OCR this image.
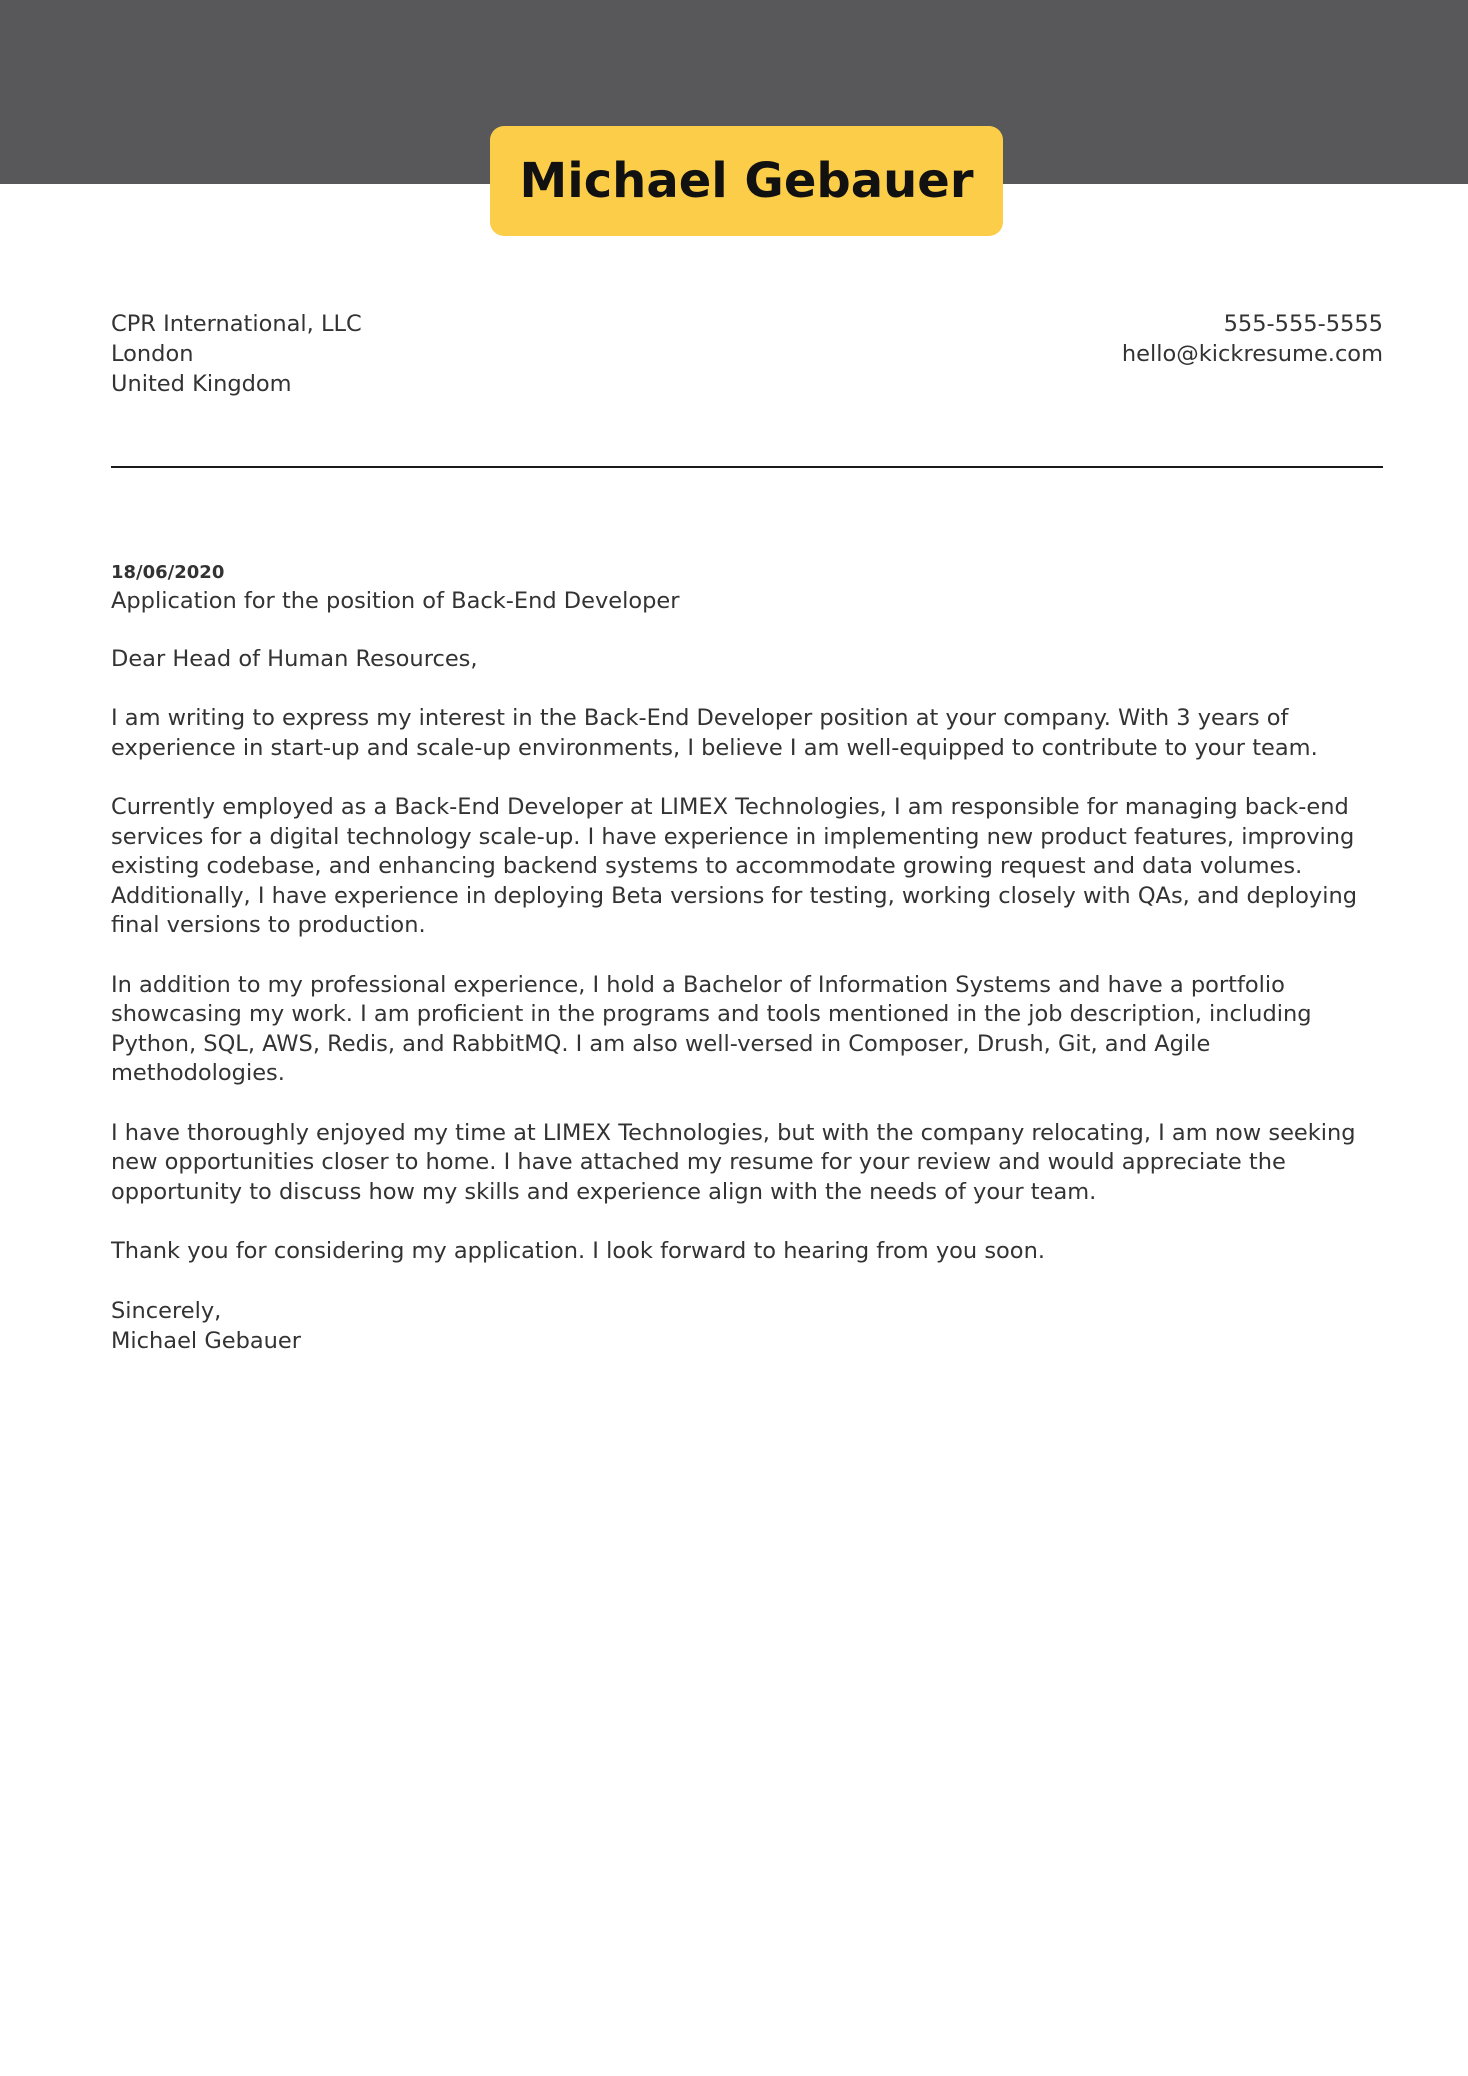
Michael Gebauer
CPR International, LLC
London
United Kingdom
555-555-5555
hello@kickresume.com
18/06/2020
Application for the position of Back-End Developer
Dear Head of Human Resources,
I am writing to express my interest in the Back-End Developer position at your company. With 3 years of experience in start-up and scale-up environments, I believe I am well-equipped to contribute to your team.
Currently employed as a Back-End Developer at LIMEX Technologies, I am responsible for managing back-end services for a digital technology scale-up. I have experience in implementing new product features, improving existing codebase, and enhancing backend systems to accommodate growing request and data volumes. Additionally, I have experience in deploying Beta versions for testing, working closely with QAs, and deploying final versions to production.
In addition to my professional experience, I hold a Bachelor of Information Systems and have a portfolio showcasing my work. I am proficient in the programs and tools mentioned in the job description, including Python, SQL, AWS, Redis, and RabbitMQ. I am also well-versed in Composer, Drush, Git, and Agile methodologies.
I have thoroughly enjoyed my time at LIMEX Technologies, but with the company relocating, I am now seeking new opportunities closer to home. I have attached my resume for your review and would appreciate the opportunity to discuss how my skills and experience align with the needs of your team.
Thank you for considering my application. I look forward to hearing from you soon.
Sincerely,
Michael Gebauer
